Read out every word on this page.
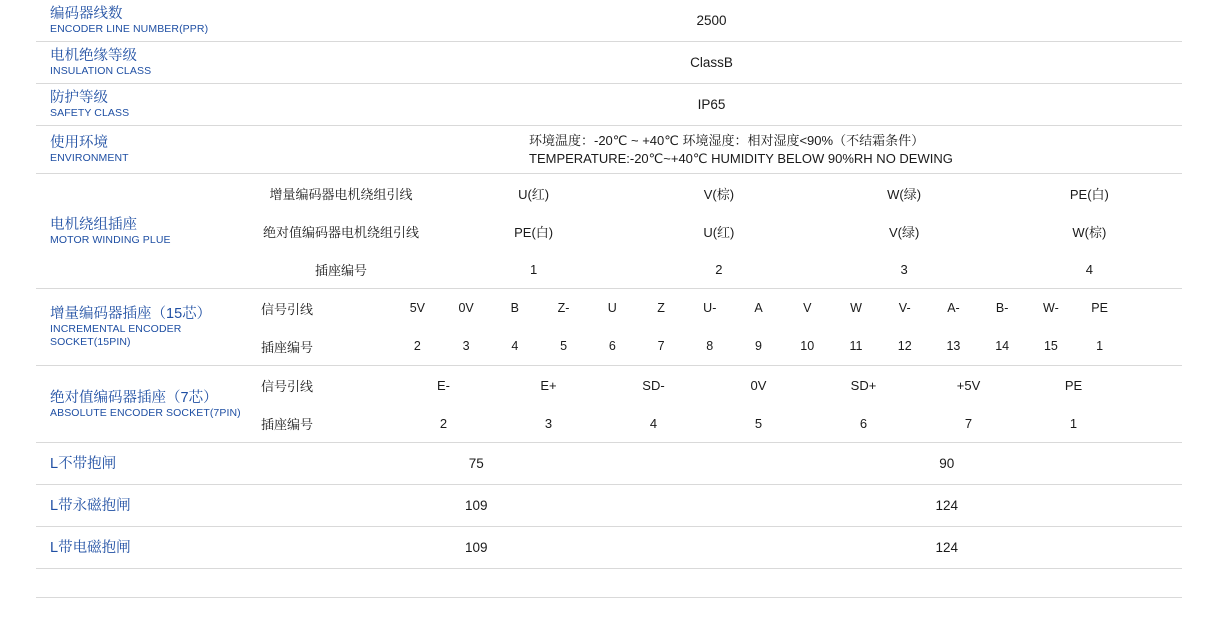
编码器线数
ENCODER LINE NUMBER(PPR)
2500
电机绝缘等级
INSULATION CLASS
ClassB
防护等级
SAFETY CLASS
IP65
使用环境
ENVIRONMENT
环境温度：-20℃ ~ +40℃ 环境湿度：相对湿度<90%（不结霜条件）
TEMPERATURE:-20℃~+40℃ HUMIDITY BELOW 90%RH NO DEWING
电机绕组插座
MOTOR WINDING PLUE
增量编码器电机绕组引线	U(红)	V(棕)	W(绿)	PE(白)
绝对值编码器电机绕组引线	PE(白)	U(红)	V(绿)	W(棕)
插座编号	1	2	3	4
增量编码器插座（15芯）
INCREMENTAL ENCODER
SOCKET(15PIN)
信号引线	5V	0V	B	Z-	U	Z	U-	A	V	W	V-	A-	B-	W-	PE
插座编号	2	3	4	5	6	7	8	9	10	11	12	13	14	15	1
绝对值编码器插座（7芯）
ABSOLUTE ENCODER SOCKET(7PIN)
信号引线	E-	E+	SD-	0V	SD+	+5V	PE
插座编号	2	3	4	5	6	7	1
L不带抱闸	75	90
L带永磁抱闸	109	124
L带电磁抱闸	109	124
